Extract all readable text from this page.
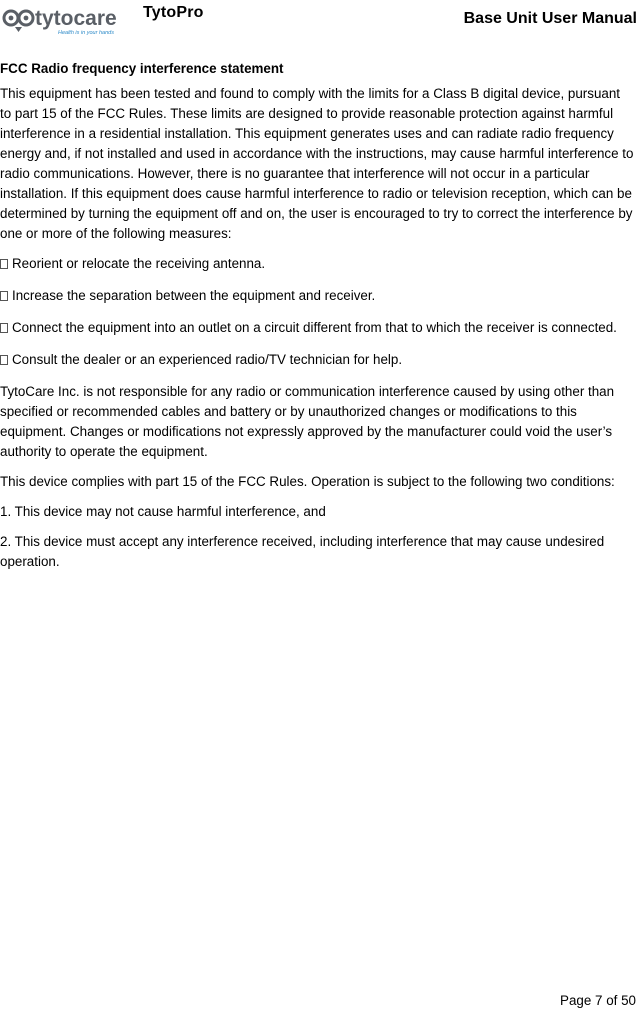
tytocare
Health is in your hands
TytoPro	Base Unit User Manual
FCC Radio frequency interference statement

This equipment has been tested and found to comply with the limits for a Class B digital device, pursuant to part 15 of the FCC Rules. These limits are designed to provide reasonable protection against harmful interference in a residential installation. This equipment generates uses and can radiate radio frequency energy and, if not installed and used in accordance with the instructions, may cause harmful interference to radio communications. However, there is no guarantee that interference will not occur in a particular installation. If this equipment does cause harmful interference to radio or television reception, which can be determined by turning the equipment off and on, the user is encouraged to try to correct the interference by one or more of the following measures:

Reorient or relocate the receiving antenna.
Increase the separation between the equipment and receiver.
Connect the equipment into an outlet on a circuit different from that to which the receiver is connected.
Consult the dealer or an experienced radio/TV technician for help.

TytoCare Inc. is not responsible for any radio or communication interference caused by using other than specified or recommended cables and battery or by unauthorized changes or modifications to this equipment. Changes or modifications not expressly approved by the manufacturer could void the user’s authority to operate the equipment.

This device complies with part 15 of the FCC Rules. Operation is subject to the following two conditions:

1. This device may not cause harmful interference, and

2. This device must accept any interference received, including interference that may cause undesired operation.

Page 7 of 50
